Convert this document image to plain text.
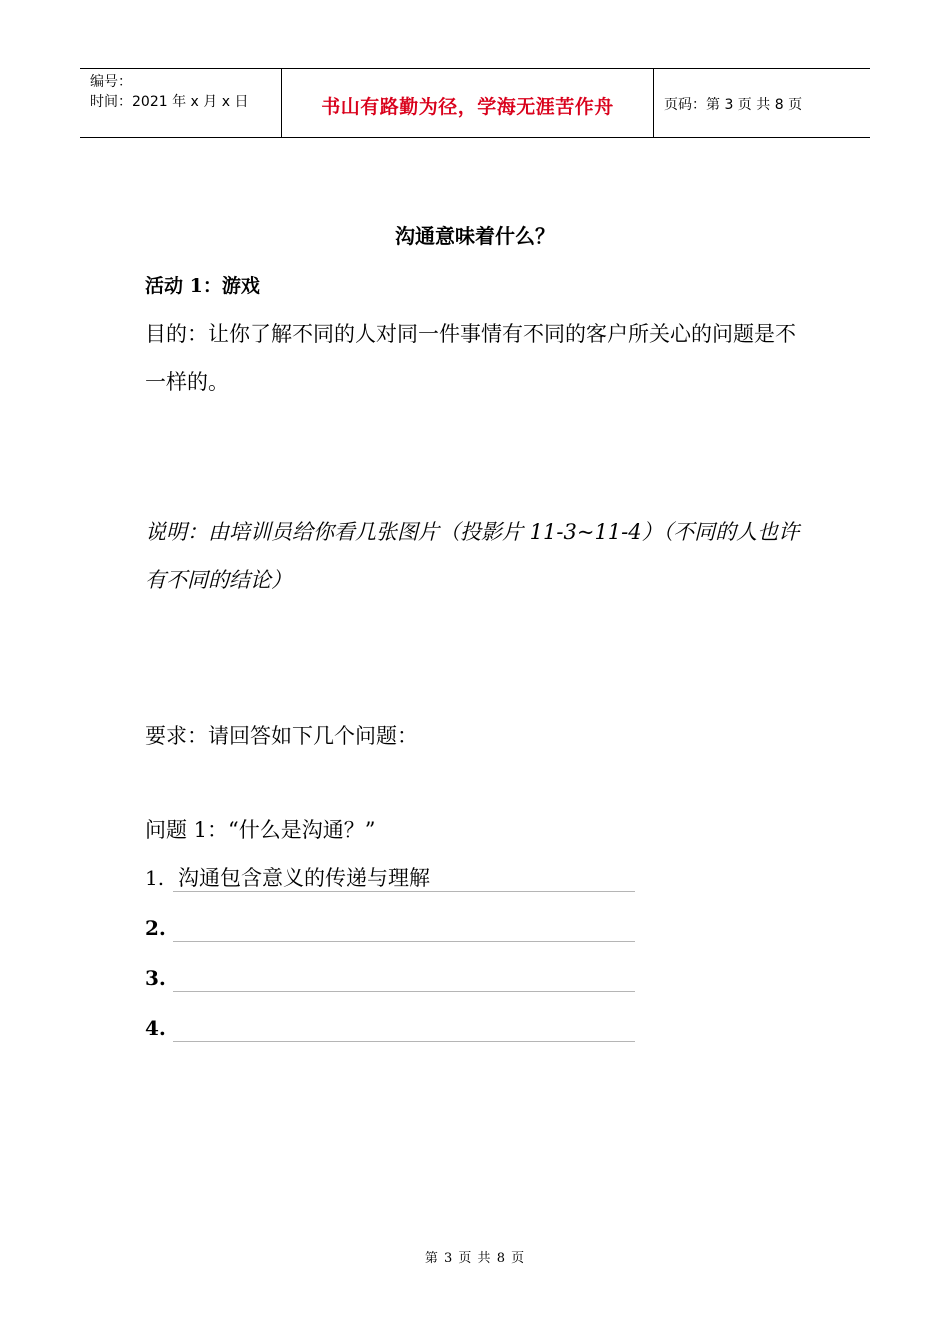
编号：
时间：2021 年 x 月 x 日	书山有路勤为径，学海无涯苦作舟	页码：第 3 页 共 8 页
沟通意味着什么？
活动 1：游戏
目的：让你了解不同的人对同一件事情有不同的客户所关心的问题是不一样的。
说明：由培训员给你看几张图片（投影片 11-3~11-4）（不同的人也许有不同的结论）
要求：请回答如下几个问题：
问题 1：“什么是沟通？”
1. 沟通包含意义的传递与理解
2.
3.
4.
第 3 页 共 8 页
